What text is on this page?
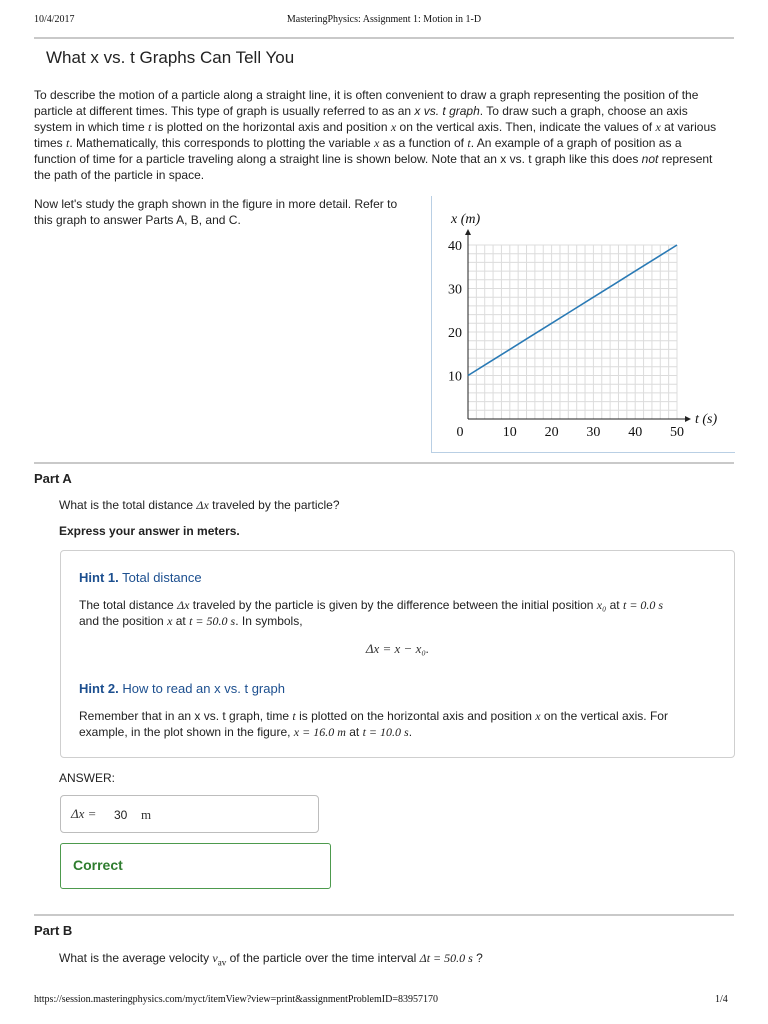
10/4/2017	MasteringPhysics: Assignment 1: Motion in 1-D
What x vs. t Graphs Can Tell You
To describe the motion of a particle along a straight line, it is often convenient to draw a graph representing the position of the particle at different times. This type of graph is usually referred to as an x vs. t graph. To draw such a graph, choose an axis system in which time t is plotted on the horizontal axis and position x on the vertical axis. Then, indicate the values of x at various times t. Mathematically, this corresponds to plotting the variable x as a function of t. An example of a graph of position as a function of time for a particle traveling along a straight line is shown below. Note that an x vs. t graph like this does not represent the path of the particle in space.
Now let's study the graph shown in the figure in more detail. Refer to this graph to answer Parts A, B, and C.
0	10 20 30 40 50
10
20
30
40
t (s)
x (m)
Part A
What is the total distance Δx traveled by the particle?
Express your answer in meters.
Hint 1. Total distance
The total distance Δx traveled by the particle is given by the difference between the initial position x₀ at t = 0.0 s
and the position x at t = 50.0 s. In symbols,
Δx = x − x₀.
Hint 2. How to read an x vs. t graph
Remember that in an x vs. t graph, time t is plotted on the horizontal axis and position x on the vertical axis. For
example, in the plot shown in the figure, x = 16.0 m at t = 10.0 s.
ANSWER:
Δx = 30 m
Correct
Part B
What is the average velocity $v_{av}$ of the particle over the time interval Δt = 50.0 s ?
https://session.masteringphysics.com/myct/itemView?view=print&assignmentProblemID=83957170	1/4
